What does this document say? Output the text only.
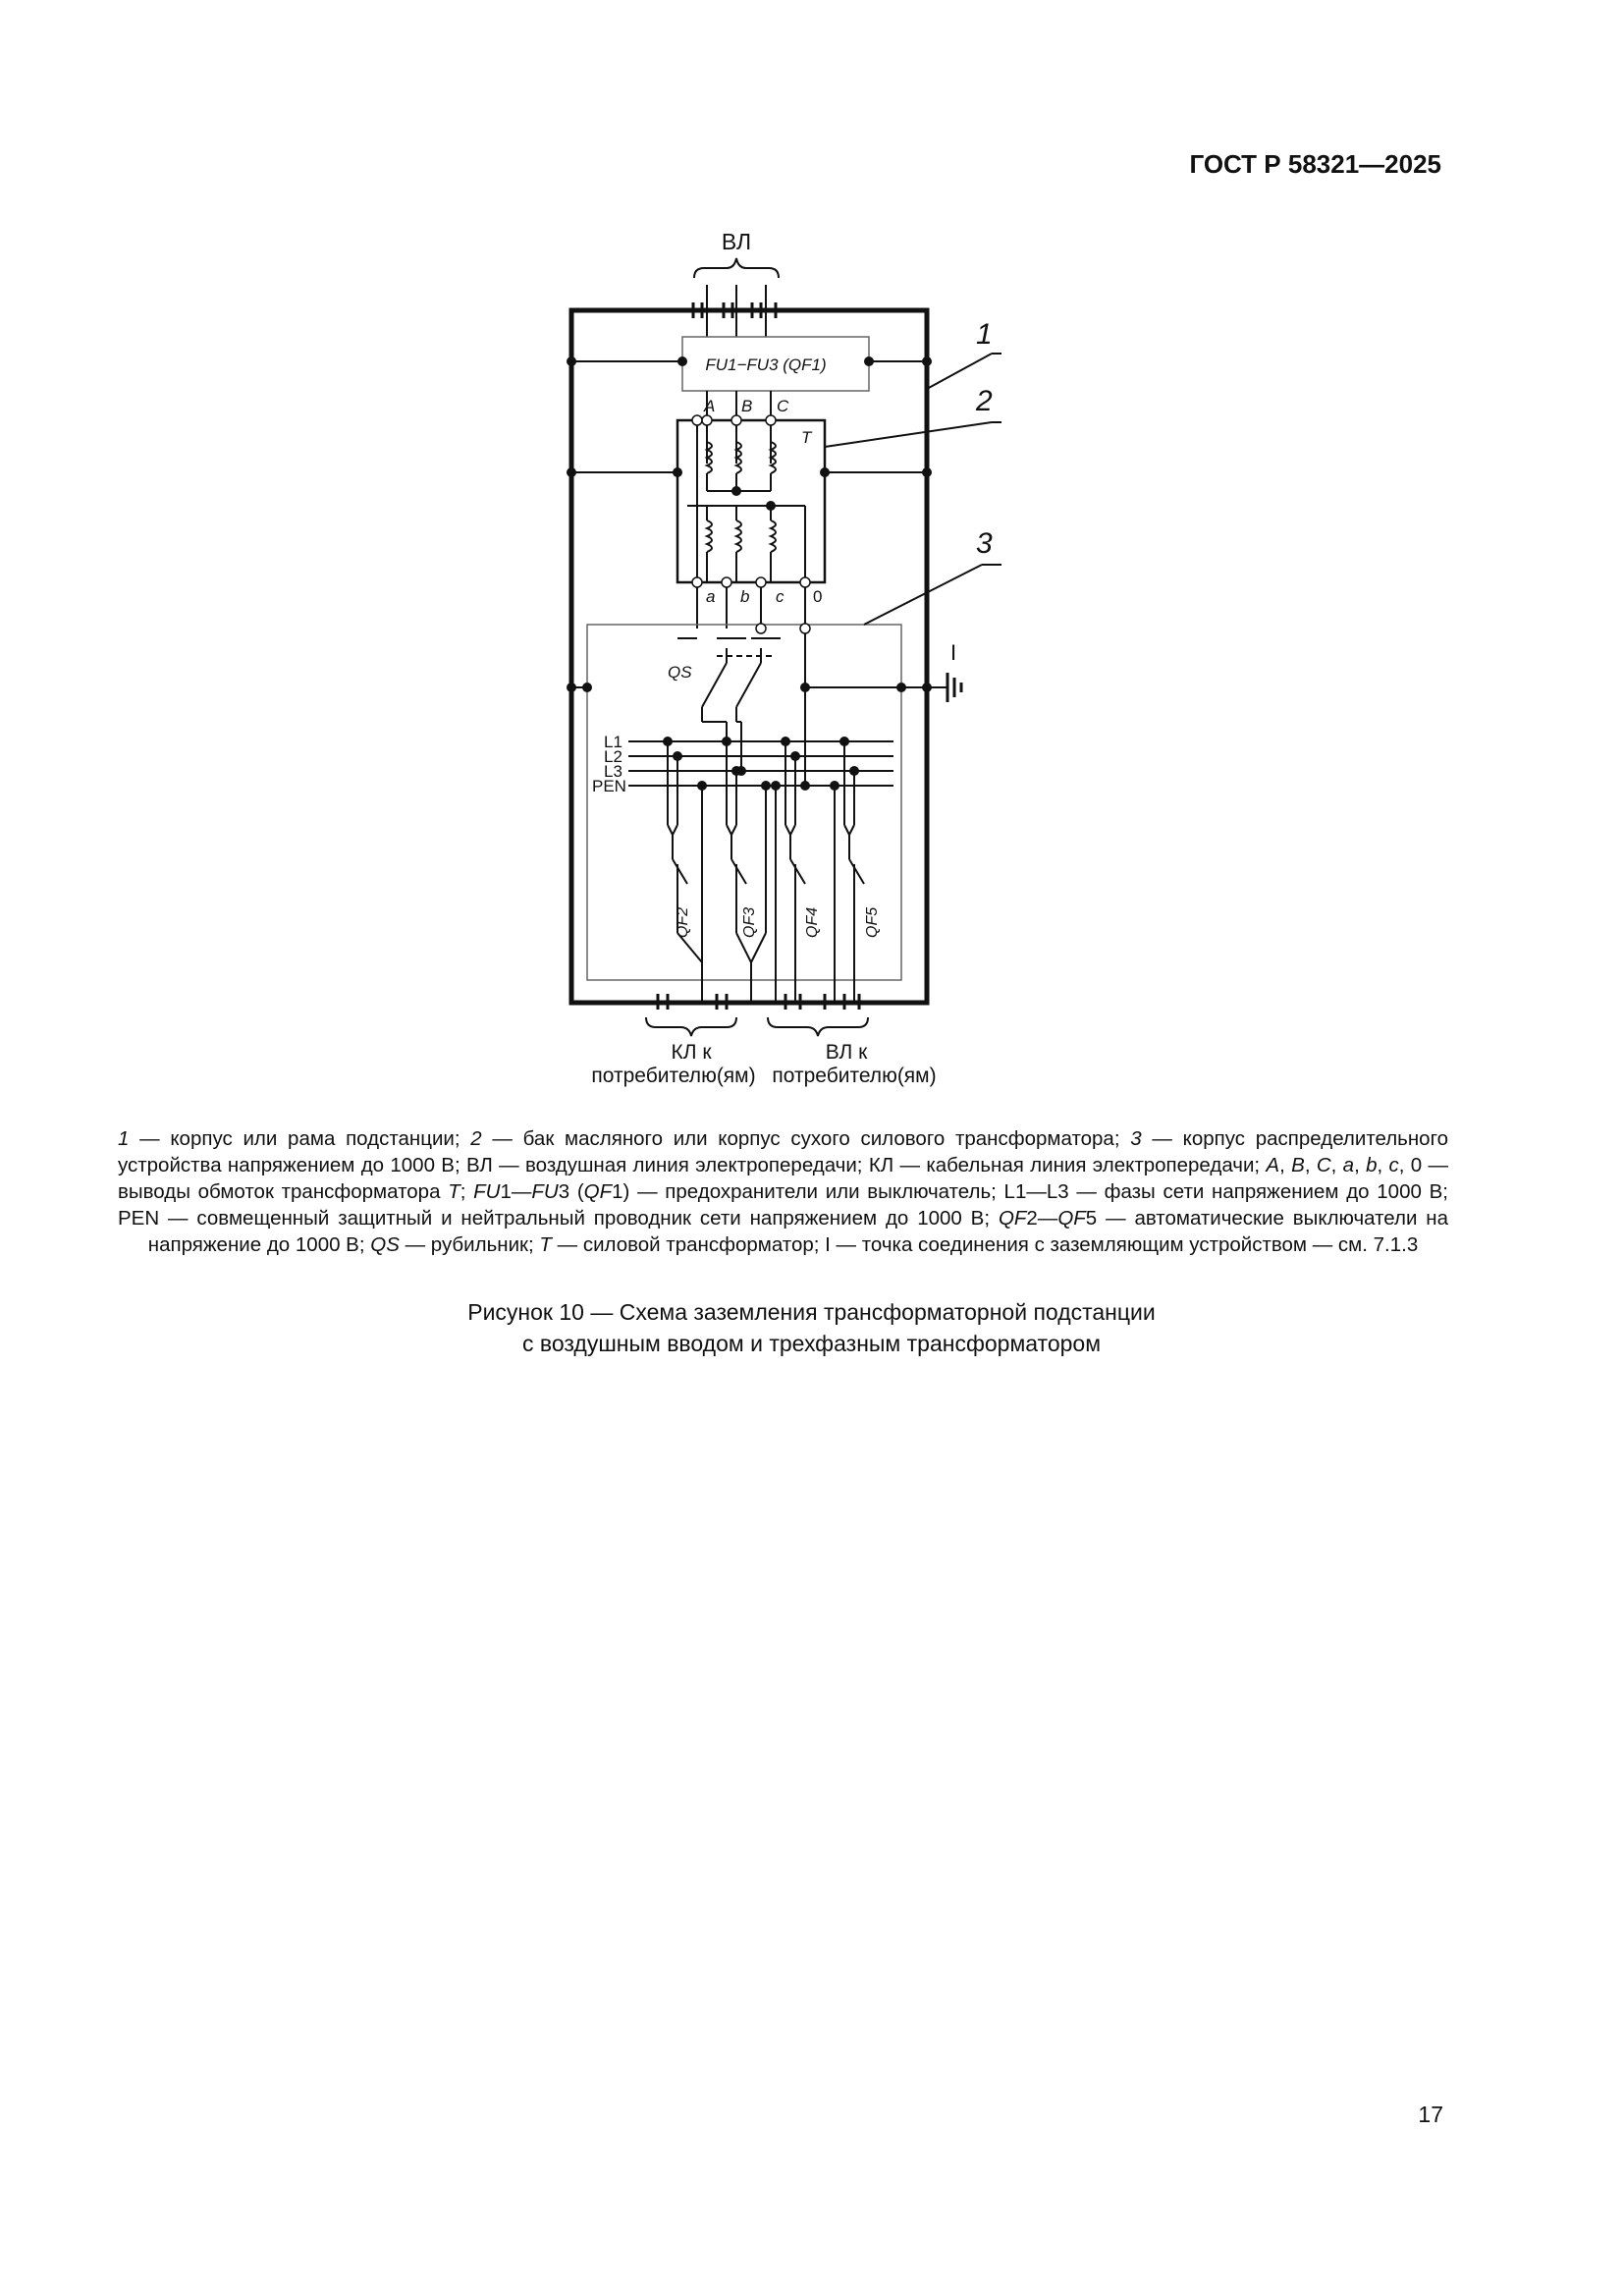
ГОСТ Р 58321—2025
ВЛ
FU1−FU3 (QF1)
1
2
3
T
A B C
a b c 0
QS
I
L1
L2
L3
PEN
QF2	QF3	QF4	QF5
КЛ к
потребителю(ям)
ВЛ к
потребителю(ям)
1 — корпус или рама подстанции; 2 — бак масляного или корпус сухого силового трансформатора; 3 — корпус распределительного устройства напряжением до 1000 В; ВЛ — воздушная линия электропередачи; КЛ — кабельная линия электропередачи; A, B, C, a, b, c, 0 — выводы обмоток трансформатора T; FU1—FU3 (QF1) — предохранители или выключатель; L1—L3 — фазы сети напряжением до 1000 В; PEN — совмещенный защитный и нейтральный проводник сети напряжением до 1000 В; QF2—QF5 — автоматические выключатели на напряжение до 1000 В; QS — рубильник; T — силовой трансформатор; I — точка соединения с заземляющим устройством — см. 7.1.3
Рисунок 10 — Схема заземления трансформаторной подстанции
с воздушным вводом и трехфазным трансформатором
17
